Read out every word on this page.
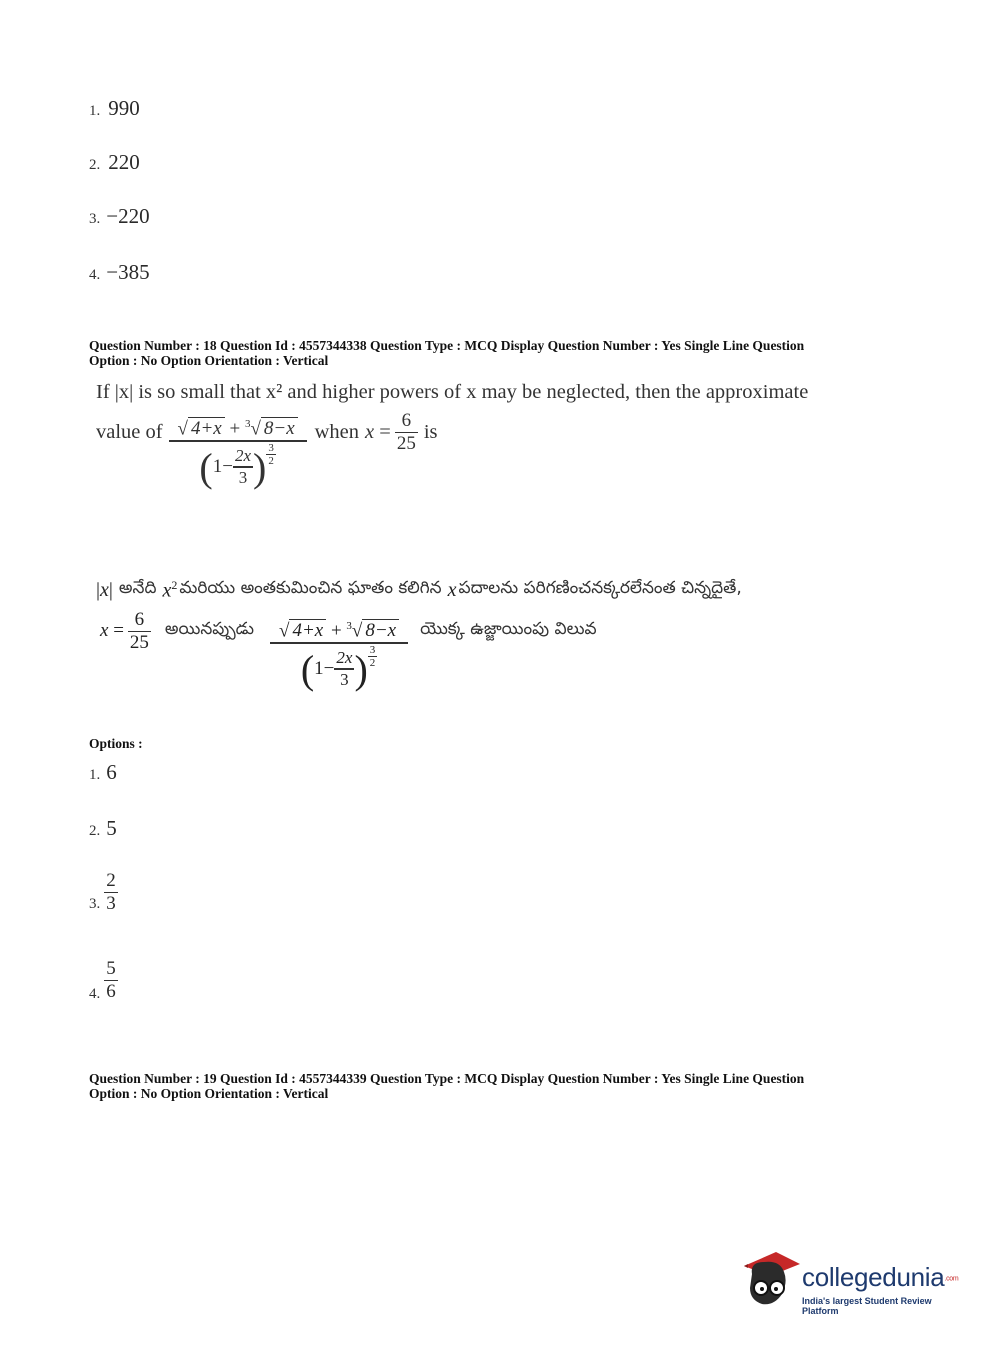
1. 990
2. 220
3. −220
4. −385
Question Number : 18 Question Id : 4557344338 Question Type : MCQ Display Question Number : Yes Single Line Question
Option : No Option Orientation : Vertical
If |x| is so small that x² and higher powers of x may be neglected, then the approximate
value of $\frac{√ 4+x + ^3√ 8-x}{( 1- \frac{2x}{3} ) \frac{3}{2}}$ when $x = \frac{6}{25}$ is
|x| అనేది $x^2$ మరియు అంతకుమించిన ఘాతం కలిగిన x పదాలను పరిగణించనక్కరలేనంత చిన్నదైతే,
$x = \frac{6}{25}$ అయినప్పుడు $\frac{√ 4+x + ^3√ 8-x}{( 1- \frac{2x}{3} ) \frac{3}{2}}$ యొక్క ఉజ్జాయింపు విలువ
Options :
1. 6
2. 5
3. $\frac{2}{3}$
4. $\frac{5}{6}$
Question Number : 19 Question Id : 4557344339 Question Type : MCQ Display Question Number : Yes Single Line Question
Option : No Option Orientation : Vertical
collegedunia.com
India's largest Student Review Platform
